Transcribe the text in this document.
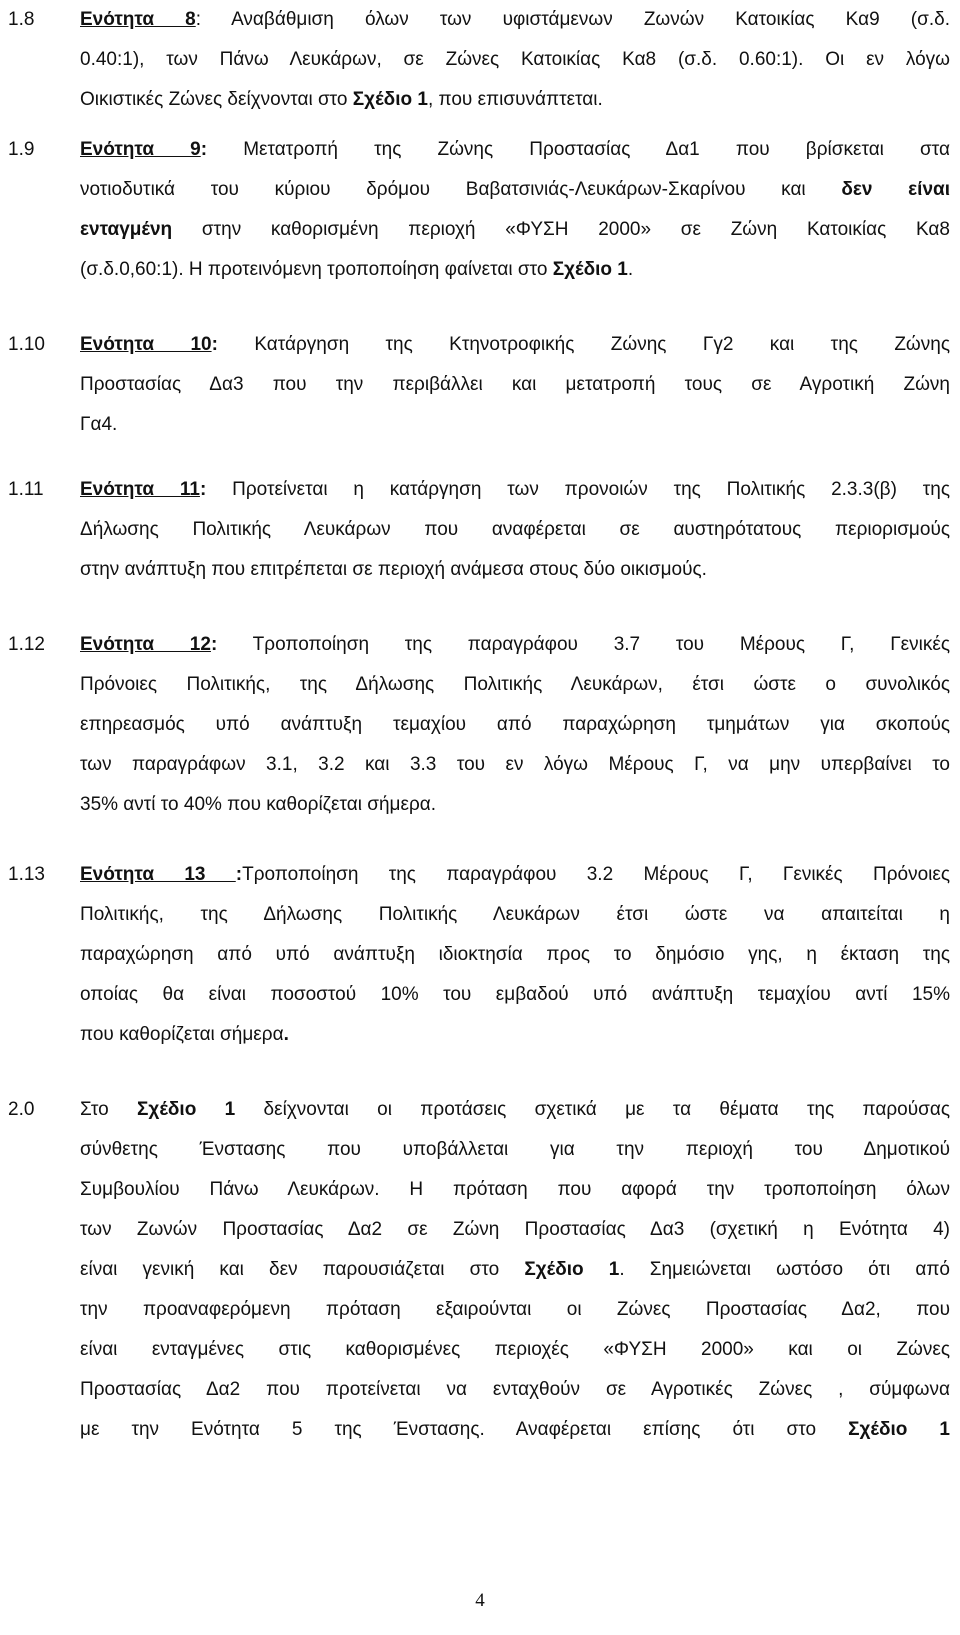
1.8	Ενότητα 8: Αναβάθμιση όλων των υφιστάμενων Ζωνών Κατοικίας Κα9 (σ.δ.
0.40:1), των Πάνω Λευκάρων, σε Ζώνες Κατοικίας Κα8 (σ.δ. 0.60:1). Οι εν λόγω
Οικιστικές Ζώνες δείχνονται στο Σχέδιο 1, που επισυνάπτεται.
1.9	Ενότητα 9: Μετατροπή της Ζώνης Προστασίας Δα1 που βρίσκεται στα
νοτιοδυτικά του κύριου δρόμου Βαβατσινιάς-Λευκάρων-Σκαρίνου και δεν είναι
ενταγμένη στην καθορισμένη περιοχή «ΦΥΣΗ 2000» σε Ζώνη Κατοικίας Κα8
(σ.δ.0,60:1). Η προτεινόμενη τροποποίηση φαίνεται στο Σχέδιο 1.
1.10	Ενότητα 10: Κατάργηση της Κτηνοτροφικής Ζώνης Γγ2 και της Ζώνης
Προστασίας Δα3 που την περιβάλλει και μετατροπή τους σε Αγροτική Ζώνη
Γα4.
1.11	Ενότητα 11: Προτείνεται η κατάργηση των προνοιών της Πολιτικής 2.3.3(β) της
Δήλωσης Πολιτικής Λευκάρων που αναφέρεται σε αυστηρότατους περιορισμούς
στην ανάπτυξη που επιτρέπεται σε περιοχή ανάμεσα στους δύο οικισμούς.
1.12	Ενότητα 12: Τροποποίηση της παραγράφου 3.7 του Μέρους Γ, Γενικές
Πρόνοιες Πολιτικής, της Δήλωσης Πολιτικής Λευκάρων, έτσι ώστε ο συνολικός
επηρεασμός υπό ανάπτυξη τεμαχίου από παραχώρηση τμημάτων για σκοπούς
των παραγράφων 3.1, 3.2 και 3.3 του εν λόγω Μέρους Γ, να μην υπερβαίνει το
35% αντί το 40% που καθορίζεται σήμερα.
1.13	Ενότητα 13 :Τροποποίηση της παραγράφου 3.2 Μέρους Γ, Γενικές Πρόνοιες
Πολιτικής, της Δήλωσης Πολιτικής Λευκάρων έτσι ώστε να απαιτείται η
παραχώρηση από υπό ανάπτυξη ιδιοκτησία προς το δημόσιο γης, η έκταση της
οποίας θα είναι ποσοστού 10% του εμβαδού υπό ανάπτυξη τεμαχίου αντί 15%
που καθορίζεται σήμερα.
2.0	Στο Σχέδιο 1 δείχνονται οι προτάσεις σχετικά με τα θέματα της παρούσας
σύνθετης Ένστασης που υποβάλλεται για την περιοχή του Δημοτικού
Συμβουλίου Πάνω Λευκάρων. Η πρόταση που αφορά την τροποποίηση όλων
των Ζωνών Προστασίας Δα2 σε Ζώνη Προστασίας Δα3 (σχετική η Ενότητα 4)
είναι γενική και δεν παρουσιάζεται στο Σχέδιο 1. Σημειώνεται ωστόσο ότι από
την προαναφερόμενη πρόταση εξαιρούνται οι Ζώνες Προστασίας Δα2, που
είναι ενταγμένες στις καθορισμένες περιοχές «ΦΥΣΗ 2000» και οι Ζώνες
Προστασίας Δα2 που προτείνεται να ενταχθούν σε Αγροτικές Ζώνες , σύμφωνα
με την Ενότητα 5 της Ένστασης. Αναφέρεται επίσης ότι στο Σχέδιο 1
4
